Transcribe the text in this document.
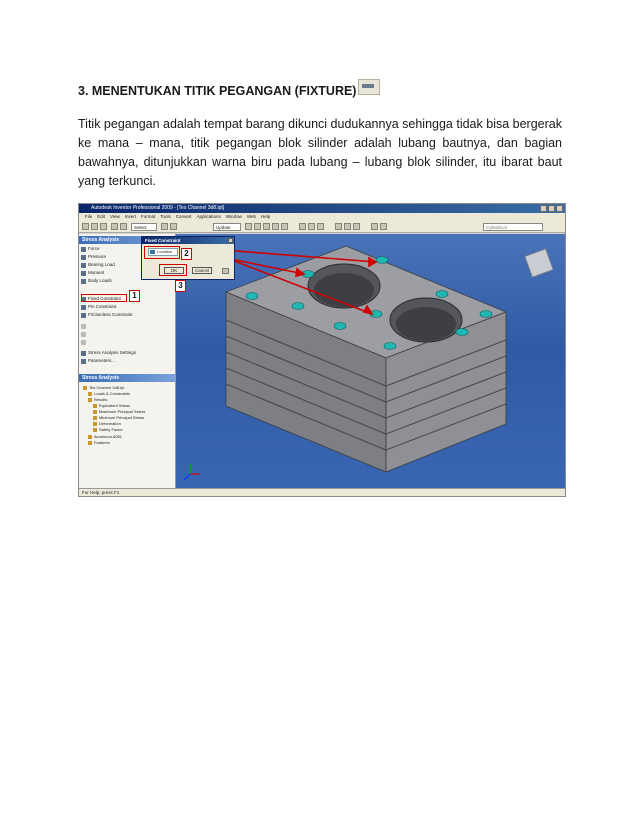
3. MENENTUKAN TITIK PEGANGAN (FIXTURE)
Titik pegangan adalah tempat barang dikunci dudukannya sehingga tidak bisa bergerak ke mana – mana, titik pegangan blok silinder adalah lubang bautnya, dan bagian bawahnya, ditunjukkan warna biru pada lubang – lubang blok silinder, itu ibarat baut yang terkunci.
Autodesk Inventor Professional 2009 - [Tes Channel 3d8.ipt]
File Edit View Insert Format Tools Convert Applications Window Web Help
Select	Update	Cylindrical
Stress Analysis
Force
Pressure
Bearing Load
Moment
Body Loads
Fixed Constraint
Pin Constraint
Frictionless Constraint
Stress Analysis Settings
Parameters...
Stress Analysis
Tes Channel 3d8.ipt
Loads & Constraints
Results
Equivalent Stress
Maximum Principal Stress
Minimum Principal Stress
Deformation
Safety Factor
Aluminum-6061
Features
Fixed Constraint
Location
OK	Cancel
1
2
3
For Help, press F1
